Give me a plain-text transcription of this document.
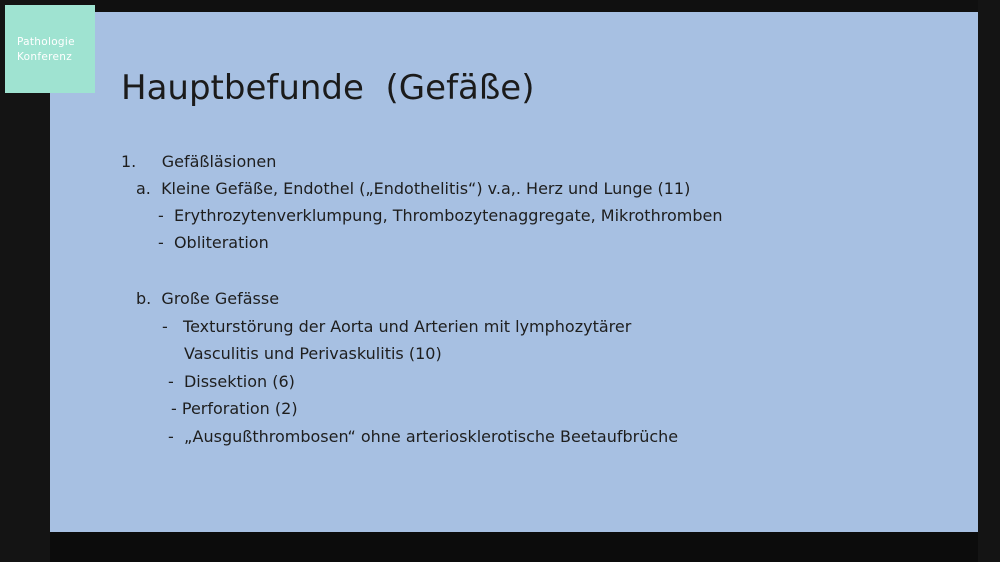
Hauptbefunde  (Gefäße)

1.     Gefäßläsionen

a.  Kleine Gefäße, Endothel („Endothelitis“) v.a,. Herz und Lunge (11)

-  Erythrozytenverklumpung, Thrombozytenaggregate, Mikrothromben

-  Obliteration

b.  Große Gefässe

-   Texturstörung der Aorta und Arterien mit lymphozytärer

Vasculitis und Perivaskulitis (10)

-  Dissektion (6)

- Perforation (2)

-  „Ausgußthrombosen“ ohne arteriosklerotische Beetaufbrüche

Pathologie
Konferenz
